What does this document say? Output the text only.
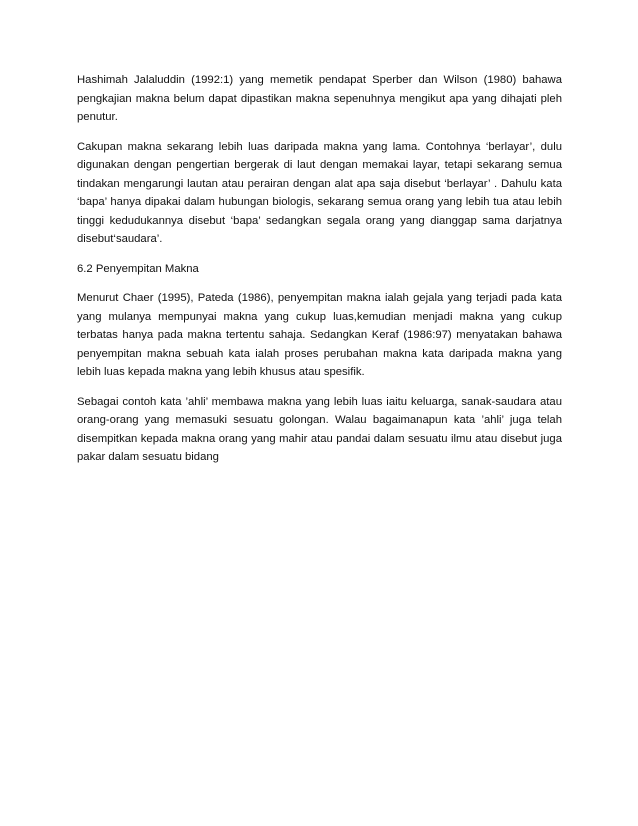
Hashimah Jalaluddin (1992:1) yang memetik pendapat Sperber dan Wilson (1980) bahawa pengkajian makna belum dapat dipastikan makna sepenuhnya mengikut apa yang dihajati pleh penutur.

Cakupan makna sekarang lebih luas daripada makna yang lama. Contohnya ‘berlayar’, dulu digunakan dengan pengertian bergerak di laut dengan memakai layar, tetapi sekarang semua tindakan mengarungi lautan atau perairan dengan alat apa saja disebut ‘berlayar’ . Dahulu kata ‘bapa’ hanya dipakai dalam hubungan biologis, sekarang semua orang yang lebih tua atau lebih tinggi kedudukannya disebut ‘bapa’ sedangkan segala orang yang dianggap sama darjatnya disebut‘saudara’.

6.2 Penyempitan Makna

Menurut Chaer (1995), Pateda (1986), penyempitan makna ialah gejala yang terjadi pada kata yang mulanya mempunyai makna yang cukup luas,kemudian menjadi makna yang cukup terbatas hanya pada makna tertentu sahaja. Sedangkan Keraf (1986:97) menyatakan bahawa penyempitan makna sebuah kata ialah proses perubahan makna kata daripada makna yang lebih luas kepada makna yang lebih khusus atau spesifik.

Sebagai contoh kata ’ahli’ membawa makna yang lebih luas iaitu keluarga, sanak-saudara atau orang-orang yang memasuki sesuatu golongan. Walau bagaimanapun kata ’ahli’ juga telah disempitkan kepada makna orang yang mahir atau pandai dalam sesuatu ilmu atau disebut juga pakar dalam sesuatu bidang
